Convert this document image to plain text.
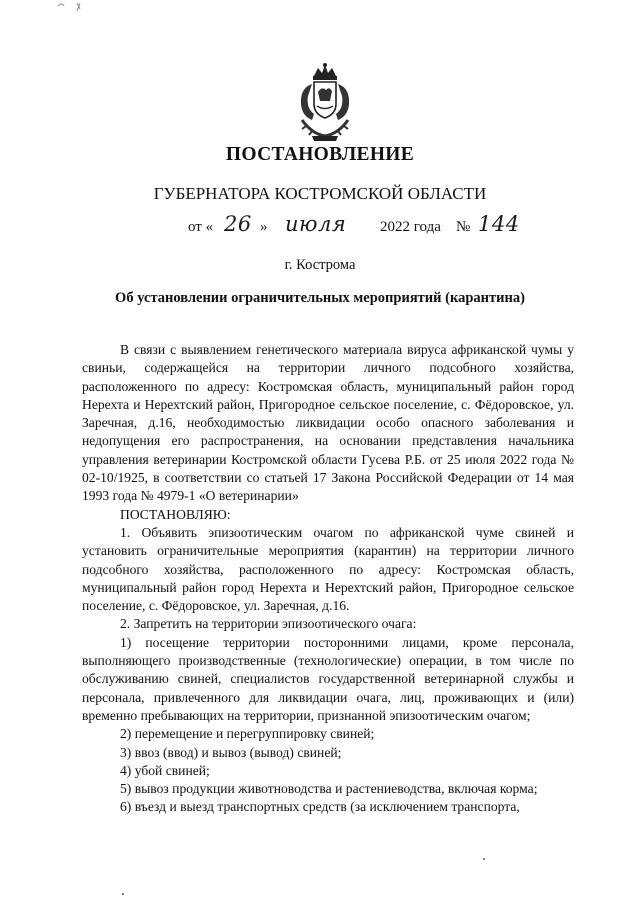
ПОСТАНОВЛЕНИЕ
ГУБЕРНАТОРА КОСТРОМСКОЙ ОБЛАСТИ
от « 26 » июля 2022 года № 144
г. Кострома
Об установлении ограничительных мероприятий (карантина)

В связи с выявлением генетического материала вируса африканской чумы у свиньи, содержащейся на территории личного подсобного хозяйства, расположенного по адресу: Костромская область, муниципальный район город Нерехта и Нерехтский район, Пригородное сельское поселение, с. Фёдоровское, ул. Заречная, д.16, необходимостью ликвидации особо опасного заболевания и недопущения его распространения, на основании представления начальника управления ветеринарии Костромской области Гусева Р.Б. от 25 июля 2022 года № 02-10/1925, в соответствии со статьей 17 Закона Российской Федерации от 14 мая 1993 года № 4979-1 «О ветеринарии»

ПОСТАНОВЛЯЮ:

1. Объявить эпизоотическим очагом по африканской чуме свиней и установить ограничительные мероприятия (карантин) на территории личного подсобного хозяйства, расположенного по адресу: Костромская область, муниципальный район город Нерехта и Нерехтский район, Пригородное сельское поселение, с. Фёдоровское, ул. Заречная, д.16.

2. Запретить на территории эпизоотического очага:

1) посещение территории посторонними лицами, кроме персонала, выполняющего производственные (технологические) операции, в том числе по обслуживанию свиней, специалистов государственной ветеринарной службы и персонала, привлеченного для ликвидации очага, лиц, проживающих и (или) временно пребывающих на территории, признанной эпизоотическим очагом;

2) перемещение и перегруппировку свиней;

3) ввоз (ввод) и вывоз (вывод) свиней;

4) убой свиней;

5) вывоз продукции животноводства и растениеводства, включая корма;

6) въезд и выезд транспортных средств (за исключением транспорта,
